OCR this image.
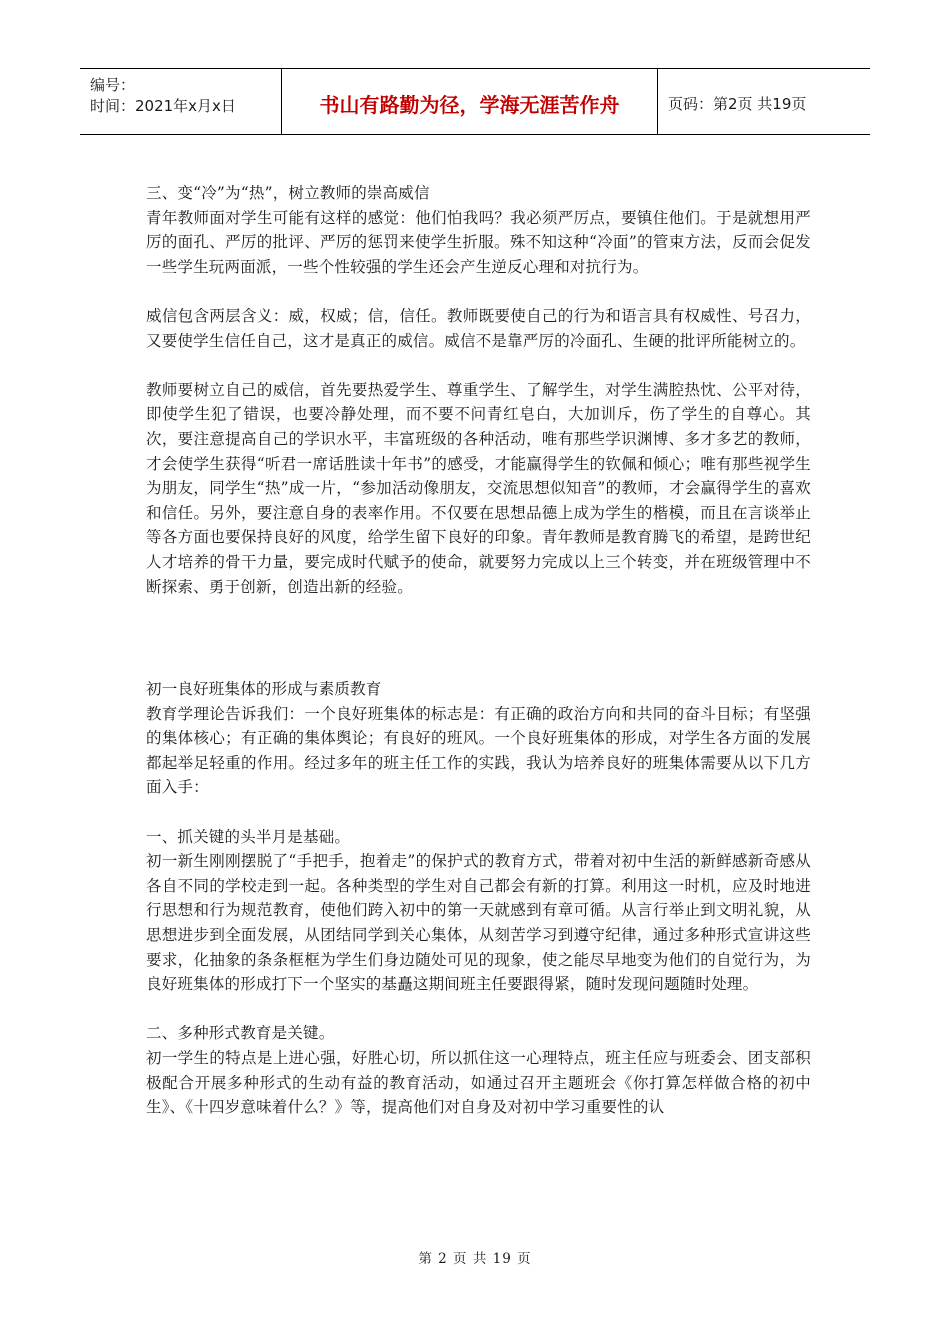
编号：
时间：2021年x月x日	书山有路勤为径，学海无涯苦作舟	页码：第2页 共19页

三、变“冷”为“热”，树立教师的崇高威信

青年教师面对学生可能有这样的感觉：他们怕我吗？我必须严厉点，要镇住他们。于是就想用严厉的面孔、严厉的批评、严厉的惩罚来使学生折服。殊不知这种“冷面”的管束方法，反而会促发一些学生玩两面派，一些个性较强的学生还会产生逆反心理和对抗行为。

威信包含两层含义：威，权威；信，信任。教师既要使自己的行为和语言具有权威性、号召力，又要使学生信任自己，这才是真正的威信。威信不是靠严厉的冷面孔、生硬的批评所能树立的。

教师要树立自己的威信，首先要热爱学生、尊重学生、了解学生，对学生满腔热忱、公平对待，即使学生犯了错误，也要冷静处理，而不要不问青红皂白，大加训斥，伤了学生的自尊心。其次，要注意提高自己的学识水平，丰富班级的各种活动，唯有那些学识渊博、多才多艺的教师，才会使学生获得“听君一席话胜读十年书”的感受，才能赢得学生的钦佩和倾心；唯有那些视学生为朋友，同学生“热”成一片，“参加活动像朋友，交流思想似知音”的教师，才会赢得学生的喜欢和信任。另外，要注意自身的表率作用。不仅要在思想品德上成为学生的楷模，而且在言谈举止等各方面也要保持良好的风度，给学生留下良好的印象。青年教师是教育腾飞的希望，是跨世纪人才培养的骨干力量，要完成时代赋予的使命，就要努力完成以上三个转变，并在班级管理中不断探索、勇于创新，创造出新的经验。

初一良好班集体的形成与素质教育

教育学理论告诉我们：一个良好班集体的标志是：有正确的政治方向和共同的奋斗目标；有坚强的集体核心；有正确的集体舆论；有良好的班风。一个良好班集体的形成，对学生各方面的发展都起举足轻重的作用。经过多年的班主任工作的实践，我认为培养良好的班集体需要从以下几方面入手：

一、抓关键的头半月是基础。

初一新生刚刚摆脱了“手把手，抱着走”的保护式的教育方式，带着对初中生活的新鲜感新奇感从各自不同的学校走到一起。各种类型的学生对自己都会有新的打算。利用这一时机，应及时地进行思想和行为规范教育，使他们跨入初中的第一天就感到有章可循。从言行举止到文明礼貌，从思想进步到全面发展，从团结同学到关心集体，从刻苦学习到遵守纪律，通过多种形式宣讲这些要求，化抽象的条条框框为学生们身边随处可见的现象，使之能尽早地变为他们的自觉行为，为良好班集体的形成打下一个坚实的基矗这期间班主任要跟得紧，随时发现问题随时处理。

二、多种形式教育是关键。

初一学生的特点是上进心强，好胜心切，所以抓住这一心理特点，班主任应与班委会、团支部积极配合开展多种形式的生动有益的教育活动，如通过召开主题班会《你打算怎样做合格的初中生》、《十四岁意味着什么？》等，提高他们对自身及对初中学习重要性的认

第 2 页 共 19 页
